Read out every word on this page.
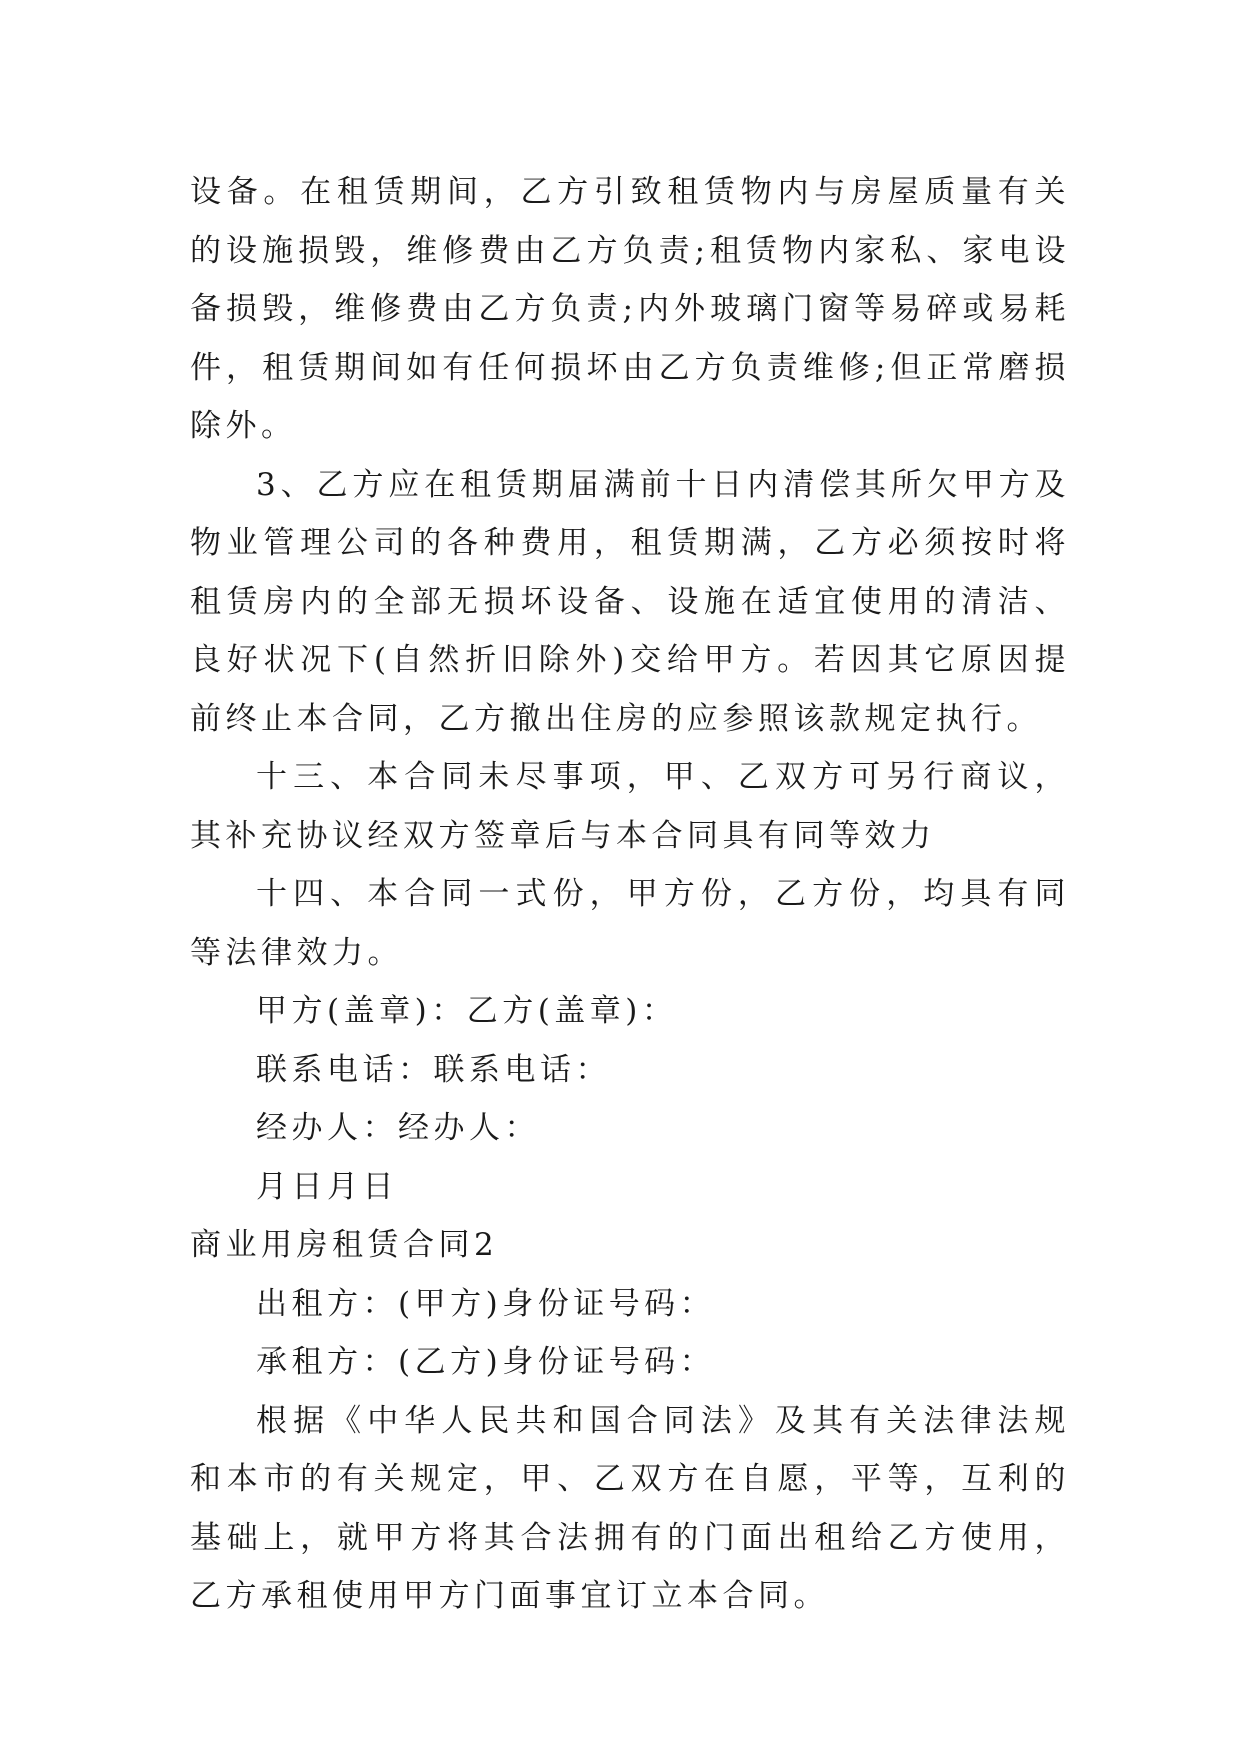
设备。在租赁期间，乙方引致租赁物内与房屋质量有关的设施损毁，维修费由乙方负责;租赁物内家私、家电设备损毁，维修费由乙方负责;内外玻璃门窗等易碎或易耗件，租赁期间如有任何损坏由乙方负责维修;但正常磨损除外。

3、乙方应在租赁期届满前十日内清偿其所欠甲方及物业管理公司的各种费用，租赁期满，乙方必须按时将租赁房内的全部无损坏设备、设施在适宜使用的清洁、良好状况下(自然折旧除外)交给甲方。若因其它原因提前终止本合同，乙方撤出住房的应参照该款规定执行。

十三、本合同未尽事项，甲、乙双方可另行商议，其补充协议经双方签章后与本合同具有同等效力

十四、本合同一式份，甲方份，乙方份，均具有同等法律效力。

甲方(盖章)：乙方(盖章)：

联系电话：联系电话：

经办人：经办人：

月日月日

商业用房租赁合同2

出租方：(甲方)身份证号码：

承租方：(乙方)身份证号码：

根据《中华人民共和国合同法》及其有关法律法规和本市的有关规定，甲、乙双方在自愿，平等，互利的基础上，就甲方将其合法拥有的门面出租给乙方使用，乙方承租使用甲方门面事宜订立本合同。
